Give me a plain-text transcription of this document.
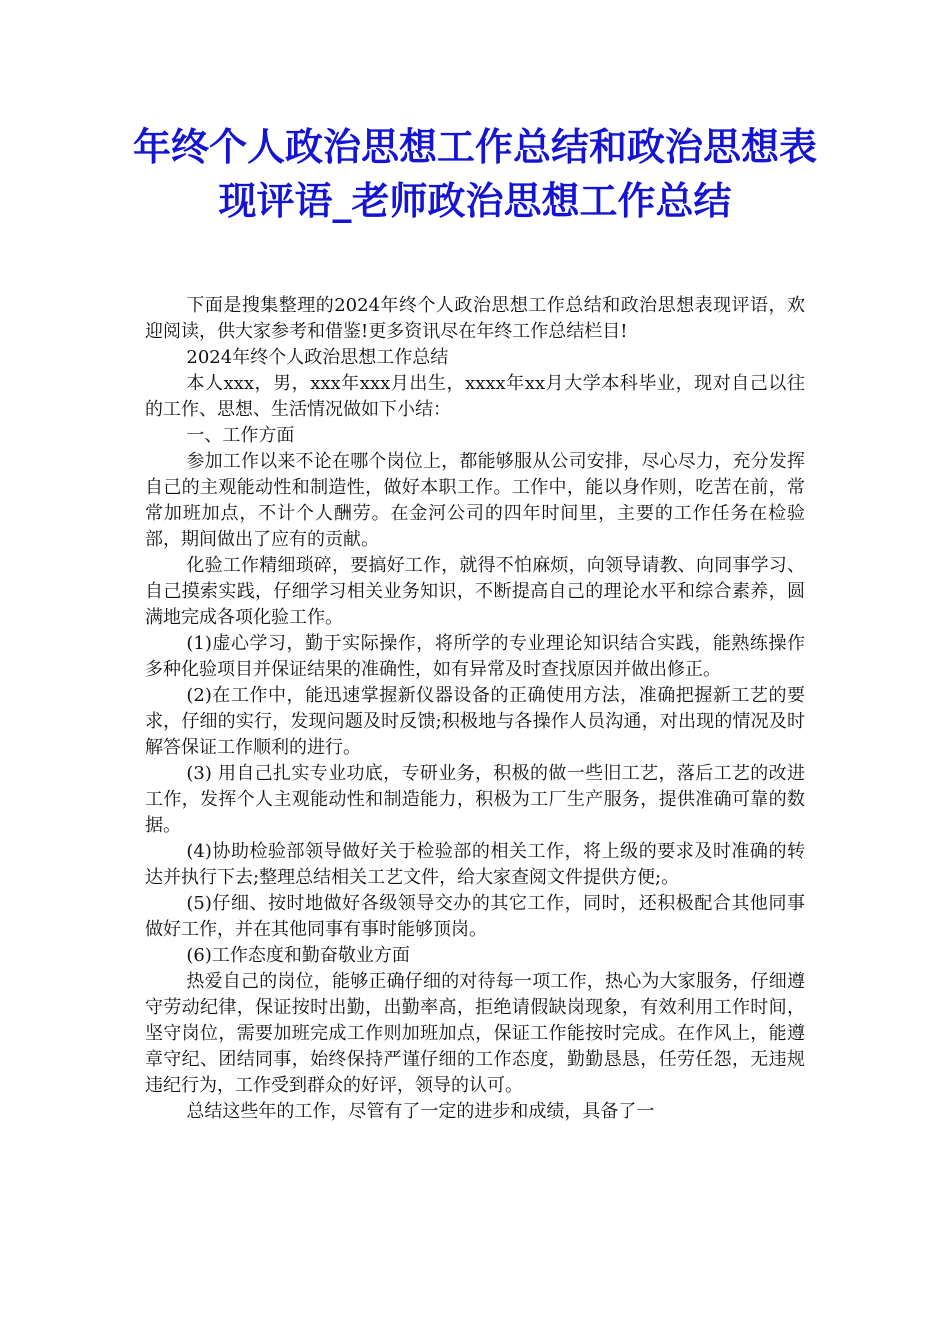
年终个人政治思想工作总结和政治思想表现评语_老师政治思想工作总结

下面是搜集整理的2024年终个人政治思想工作总结和政治思想表现评语，欢迎阅读，供大家参考和借鉴!更多资讯尽在年终工作总结栏目!

2024年终个人政治思想工作总结

本人xxx，男，xxx年xxx月出生，xxxx年xx月大学本科毕业，现对自己以往的工作、思想、生活情况做如下小结：

一、工作方面

参加工作以来不论在哪个岗位上，都能够服从公司安排，尽心尽力，充分发挥自己的主观能动性和制造性，做好本职工作。工作中，能以身作则，吃苦在前，常常加班加点，不计个人酬劳。在金河公司的四年时间里，主要的工作任务在检验部，期间做出了应有的贡献。

化验工作精细琐碎，要搞好工作，就得不怕麻烦，向领导请教、向同事学习、自己摸索实践，仔细学习相关业务知识，不断提高自己的理论水平和综合素养，圆满地完成各项化验工作。

(1)虚心学习，勤于实际操作，将所学的专业理论知识结合实践，能熟练操作多种化验项目并保证结果的准确性，如有异常及时查找原因并做出修正。

(2)在工作中，能迅速掌握新仪器设备的正确使用方法，准确把握新工艺的要求，仔细的实行，发现问题及时反馈;积极地与各操作人员沟通，对出现的情况及时解答保证工作顺利的进行。

(3) 用自己扎实专业功底，专研业务，积极的做一些旧工艺，落后工艺的改进工作，发挥个人主观能动性和制造能力，积极为工厂生产服务，提供准确可靠的数据。

(4)协助检验部领导做好关于检验部的相关工作，将上级的要求及时准确的转达并执行下去;整理总结相关工艺文件，给大家查阅文件提供方便;。

(5)仔细、按时地做好各级领导交办的其它工作，同时，还积极配合其他同事做好工作，并在其他同事有事时能够顶岗。

(6)工作态度和勤奋敬业方面

热爱自己的岗位，能够正确仔细的对待每一项工作，热心为大家服务，仔细遵守劳动纪律，保证按时出勤，出勤率高，拒绝请假缺岗现象，有效利用工作时间，坚守岗位，需要加班完成工作则加班加点，保证工作能按时完成。在作风上，能遵章守纪、团结同事，始终保持严谨仔细的工作态度，勤勤恳恳，任劳任怨，无违规违纪行为，工作受到群众的好评，领导的认可。

总结这些年的工作，尽管有了一定的进步和成绩，具备了一
